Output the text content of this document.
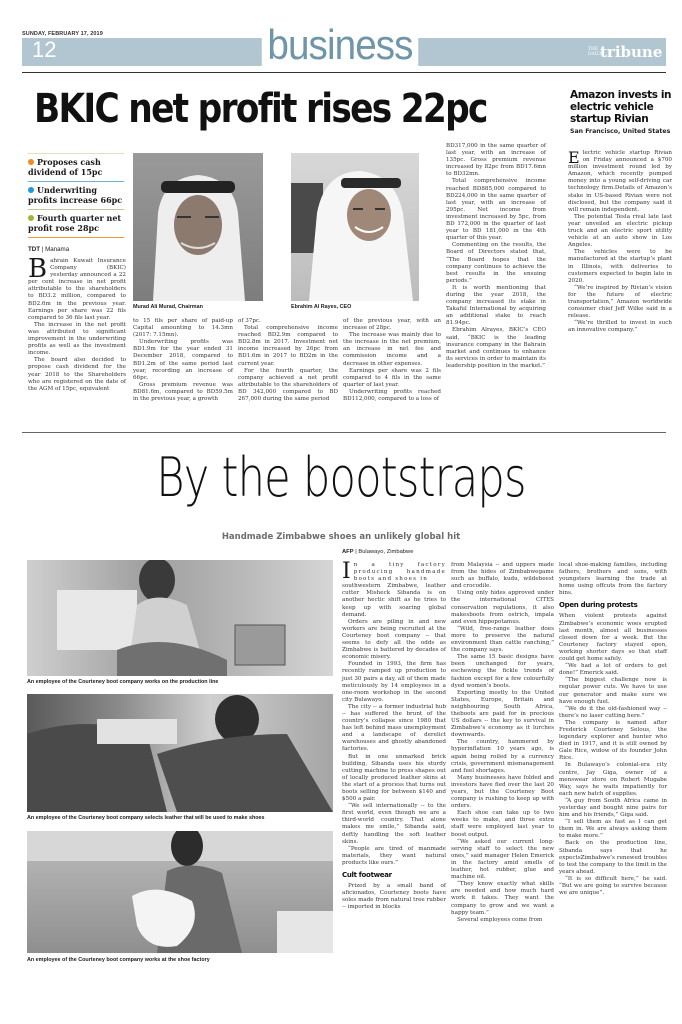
SUNDAY, FEBRUARY 17, 2019
12	business	THE DAILY
tribune
BKIC net profit rises 22pc
Proposes cash dividend of 15pc
Underwriting profits increase 66pc
Fourth quarter net profit rose 28pc
TDT | Manama

Bahrain Kuwait Insurance Company (BKIC) yesterday announced a 22 per cent increase in net profit attributable to the shareholders to BD3.2 million, compared to BD2.6m in the previous year. Earnings per share was 22 fils compared to 36 fils last year.

The increase in the net profit was attributed to significant improvement in the underwriting profits as well as the investment income.

The board also decided to propose cash dividend for the year 2018 to the Shareholders who are registered on the date of the AGM of 15pc, equivalent

Murad Ali Murad, Chairman	Ebrahim Al Rayes, CEO

to 15 fils per share of paid-up Capital amounting to 14.3mn (2017: 7.15mn).

Underwriting profits was BD1.9m for the year ended 31 December 2018, compared to BD1.2m of the same period last year, recording an increase of 66pc.

Gross premium revenue was BD81.6m, compared to BD59.5m in the previous year, a growth

of 37pc.

Total comprehensive income reached BD2.9m compared to BD2.8m in 2017. Investment net income increased by 26pc from BD1.6m in 2017 to BD2m in the current year.

For the fourth quarter, the company achieved a net profit attributable to the shareholders of BD 342,000 compared to BD 267,000 during the same period

of the previous year, with an increase of 28pc.

The increase was mainly due to the increase in the net premium, an increase in net fee and commission income and a decrease in other expenses.

Earnings per share was 2 fils compared to 4 fils in the same quarter of last year.

Underwriting profits reached BD112,000, compared to a loss of

BD317,000 in the same quarter of last year, with an increase of 135pc. Gross premium revenue increased by 82pc from BD17.6mn to BD32mn.

Total comprehensive income reached BD885,000 compared to BD224,000 in the same quarter of last year, with an increase of 295pc. Net income from investment increased by 5pc, from BD 172,000 in the quarter of last year to BD 181,000 in the 4th quarter of this year.

Commenting on the results, the Board of Directors stated that, “The Board hopes that the company continues to achieve the best results in the ensuing periods.”

It is worth mentioning that during the year 2018, the company increased its stake in Takaful International by acquiring an additional stake to reach 81.94pc.

Ebrahim Alrayes, BKIC’s CEO said, “BKIC is the leading insurance company in the Bahrain market and continues to enhance its services in order to maintain its leadership position in the market.”

Amazon invests in electric vehicle startup Rivian
San Francisco, United States

Electric vehicle startup Rivian on Friday announced a $700 million investment round led by Amazon, which recently pumped money into a young self-driving car technology firm.Details of Amazon’s stake in US-based Rivian were not disclosed, but the company said it will remain independent.

The potential Tesla rival late last year unveiled an electric pickup truck and an electric sport utility vehicle at an auto show in Los Angeles.

The vehicles were to be manufactured at the startup’s plant in Illinois, with deliveries to customers expected to begin late in 2020.

“We’re inspired by Rivian’s vision for the future of electric transportation,” Amazon worldwide consumer chief Jeff Wilke said in a release.

“We’re thrilled to invest in such an innovative company.”

By the bootstraps
Handmade Zimbabwe shoes an unlikely global hit
AFP | Bulawayo, Zimbabwe
An employee of the Courteney boot company works on the production line
An employee of the Courteney boot company selects leather that will be used to make shoes
An employee of the Courteney boot company works at the shoe factory

In a tiny factory producing handmade boots and shoes in

southwestern Zimbabwe, leather cutter Misheck Sibanda is on another hectic shift as he tries to keep up with soaring global demand.

Orders are piling in and new workers are being recruited at the Courteney boot company -- that seems to defy all the odds as Zimbabwe is battered by decades of economic misery.

Founded in 1993, the firm has recently ramped up production to just 30 pairs a day, all of them made meticulously by 14 employees in a one-room workshop in the second city Bulawayo.

The city -- a former industrial hub -- has suffered the brunt of the country’s collapse since 1980 that has left behind mass unemployment and a landscape of derelict warehouses and ghostly abandoned factories.

But in one unmarked brick building, Sibanda uses his sturdy cutting machine to press shapes out of locally produced leather skins at the start of a process that turns out boots selling for between $140 and $500 a pair.

“We sell internationally -- to the first world, even though we are a third-world country. That alone makes me smile,” Sibanda said, deftly handling the soft leather skins.

“People are tired of manmade materials, they want natural products like ours.”

Cult footwear

Prized by a small band of aficionados, Courteney boots have soles made from natural tree rubber -- imported in blocks

from Malaysia -- and uppers made from the hides of Zimbabwegame such as buffalo, kudu, wildebeest and crocodile.

Using only hides approved under the international CITES conservation regulations, it also makesboots from ostrich, impala and even hippopotamus.

“Wild, free-range leather does more to preserve the natural environment than cattle ranching,” the company says.

The same 15 basic designs have been unchanged for years, eschewing the fickle trends of fashion except for a few colourfully dyed women’s boots.

Exporting mostly to the United States, Europe, Britain and neighbouring South Africa, theboots are paid for in precious US dollars -- the key to survival in Zimbabwe’s economy as it lurches downwards.

The country, hammered by hyperinflation 10 years ago, is again being roiled by a currency crisis, government mismanagement and fuel shortages.

Many businesses have folded and investors have fled over the last 20 years, but the Courteney Boot company is rushing to keep up with orders.

Each shoe can take up to two weeks to make, and three extra staff were employed last year to boost output.

“We asked our current long-serving staff to select the new ones,” said manager Helen Emerick in the factory amid smells of leather, hot rubber, glue and machine oil.

“They know exactly what skills are needed and how much hard work it takes. They want the company to grow and we want a happy team.”

Several employees come from

local shoe-making families, including fathers, brothers and sons, with youngsters learning the trade at home using offcuts from the factory bins.

Open during protests

When violent protests against Zimbabwe’s economic woes erupted last month, almost all businesses closed down for a week. But the Courteney factory stayed open, working shorter days so that staff could get home safely.

“We had a lot of orders to get done!” Emerick said.

“The biggest challenge now is regular power cuts. We have to use our generator and make sure we have enough fuel.

“We do it the old-fashioned way -- there’s no laser cutting here.”

The company is named after Frederick Courteney Selous, the legendary explorer and hunter who died in 1917, and it is still owned by Gale Rice, widow of its founder John Rice.

In Bulawayo’s colonial-era city centre, Jay Giga, owner of a menswear store on Robert Mugabe Way, says he waits impatiently for each new batch of supplies.

“A guy from South Africa came in yesterday and bought nine pairs for him and his friends,” Giga said.

“I sell them as fast as I can get them in. We are always asking them to make more.”

Back on the production line, Sibanda says that he expectsZimbabwe’s renewed troubles to test the company to the limit in the years ahead.

“It is so difficult here,” he said. “But we are going to survive because we are unique”.
